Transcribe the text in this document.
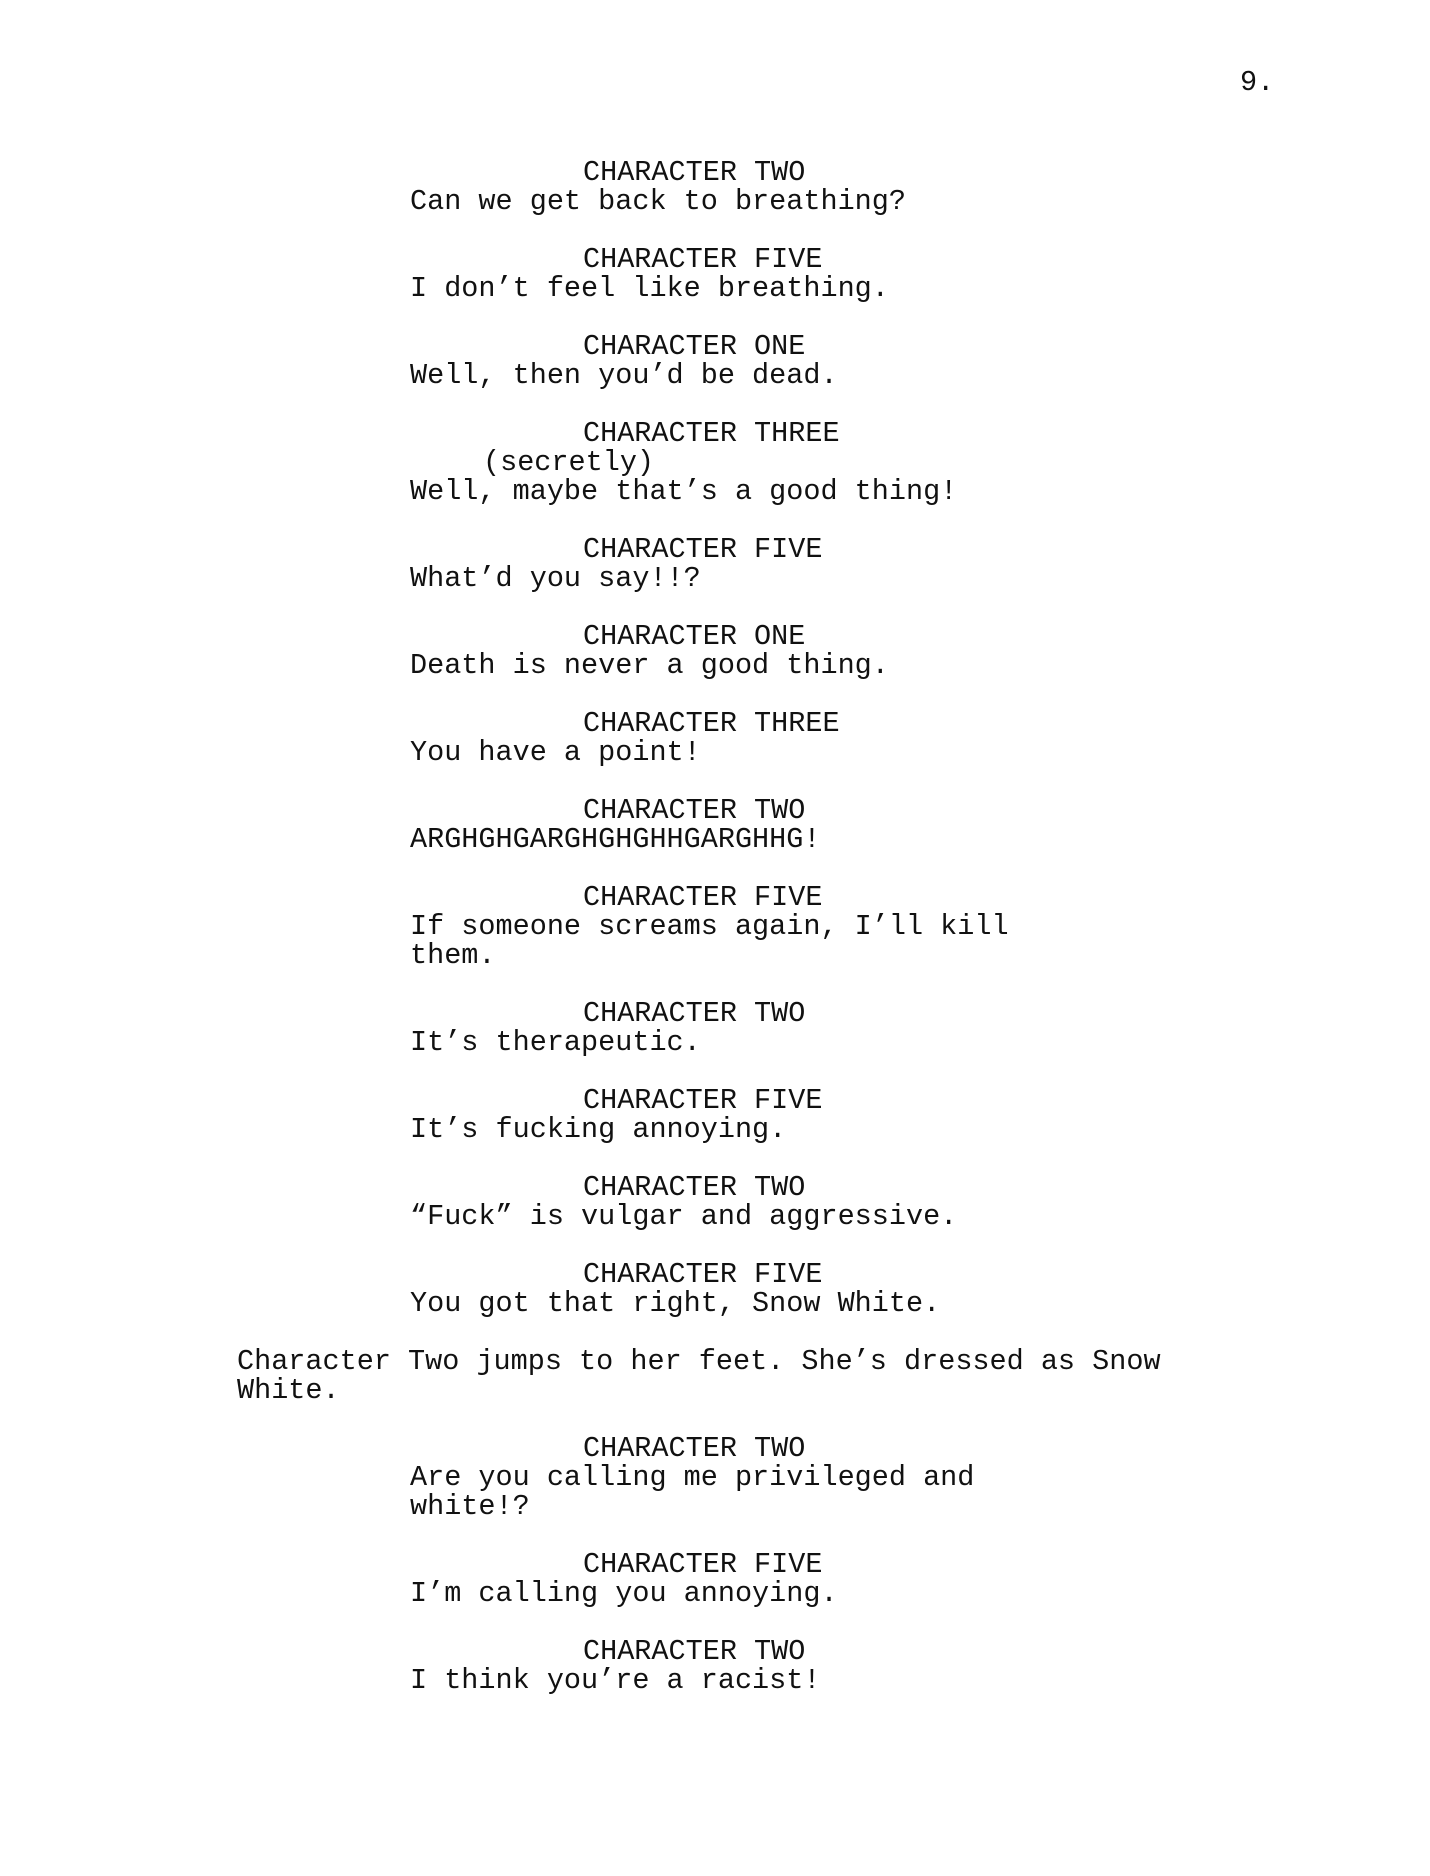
9.
CHARACTER TWO
Can we get back to breathing?
CHARACTER FIVE
I don’t feel like breathing.
CHARACTER ONE
Well, then you’d be dead.
CHARACTER THREE
(secretly)
Well, maybe that’s a good thing!
CHARACTER FIVE
What’d you say!!?
CHARACTER ONE
Death is never a good thing.
CHARACTER THREE
You have a point!
CHARACTER TWO
ARGHGHGARGHGHGHHGARGHHG!
CHARACTER FIVE
If someone screams again, I’ll kill
them.
CHARACTER TWO
It’s therapeutic.
CHARACTER FIVE
It’s fucking annoying.
CHARACTER TWO
“Fuck” is vulgar and aggressive.
CHARACTER FIVE
You got that right, Snow White.
Character Two jumps to her feet. She’s dressed as Snow White.
CHARACTER TWO
Are you calling me privileged and
white!?
CHARACTER FIVE
I’m calling you annoying.
CHARACTER TWO
I think you’re a racist!
